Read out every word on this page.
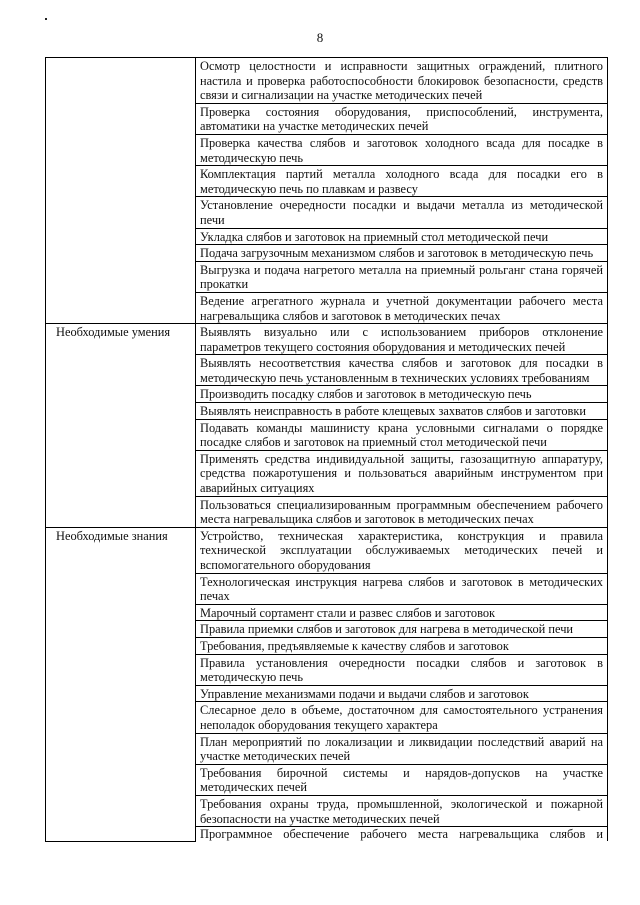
8
	Осмотр целостности и исправности защитных ограждений, плитного настила и проверка работоспособности блокировок безопасности, средств связи и сигнализации на участке методических печей
	Проверка состояния оборудования, приспособлений, инструмента, автоматики на участке методических печей
	Проверка качества слябов и заготовок холодного всада для посадке в методическую печь
	Комплектация партий металла холодного всада для посадки его в методическую печь по плавкам и развесу
	Установление очередности посадки и выдачи металла из методической печи
	Укладка слябов и заготовок на приемный стол методической печи
	Подача загрузочным механизмом слябов и заготовок в методическую печь
	Выгрузка и подача нагретого металла на приемный рольганг стана горячей прокатки
	Ведение агрегатного журнала и учетной документации рабочего места нагревальщика слябов и заготовок в методических печах
Необходимые умения	Выявлять визуально или с использованием приборов отклонение параметров текущего состояния оборудования и методических печей
	Выявлять несоответствия качества слябов и заготовок для посадки в методическую печь установленным в технических условиях требованиям
	Производить посадку слябов и заготовок в методическую печь
	Выявлять неисправность в работе клещевых захватов слябов и заготовки
	Подавать команды машинисту крана условными сигналами о порядке посадке слябов и заготовок на приемный стол методической печи
	Применять средства индивидуальной защиты, газозащитную аппаратуру, средства пожаротушения и пользоваться аварийным инструментом при аварийных ситуациях
	Пользоваться специализированным программным обеспечением рабочего места нагревальщика слябов и заготовок в методических печах
Необходимые знания	Устройство, техническая характеристика, конструкция и правила технической эксплуатации обслуживаемых методических печей и вспомогательного оборудования
	Технологическая инструкция нагрева слябов и заготовок в методических печах
	Марочный сортамент стали и развес слябов и заготовок
	Правила приемки слябов и заготовок для нагрева в методической печи
	Требования, предъявляемые к качеству слябов и заготовок
	Правила установления очередности посадки слябов и заготовок в методическую печь
	Управление механизмами подачи и выдачи слябов и заготовок
	Слесарное дело в объеме, достаточном для самостоятельного устранения неполадок оборудования текущего характера
	План мероприятий по локализации и ликвидации последствий аварий на участке методических печей
	Требования бирочной системы и нарядов-допусков на участке методических печей
	Требования охраны труда, промышленной, экологической и пожарной безопасности на участке методических печей
	Программное обеспечение рабочего места нагревальщика слябов и
